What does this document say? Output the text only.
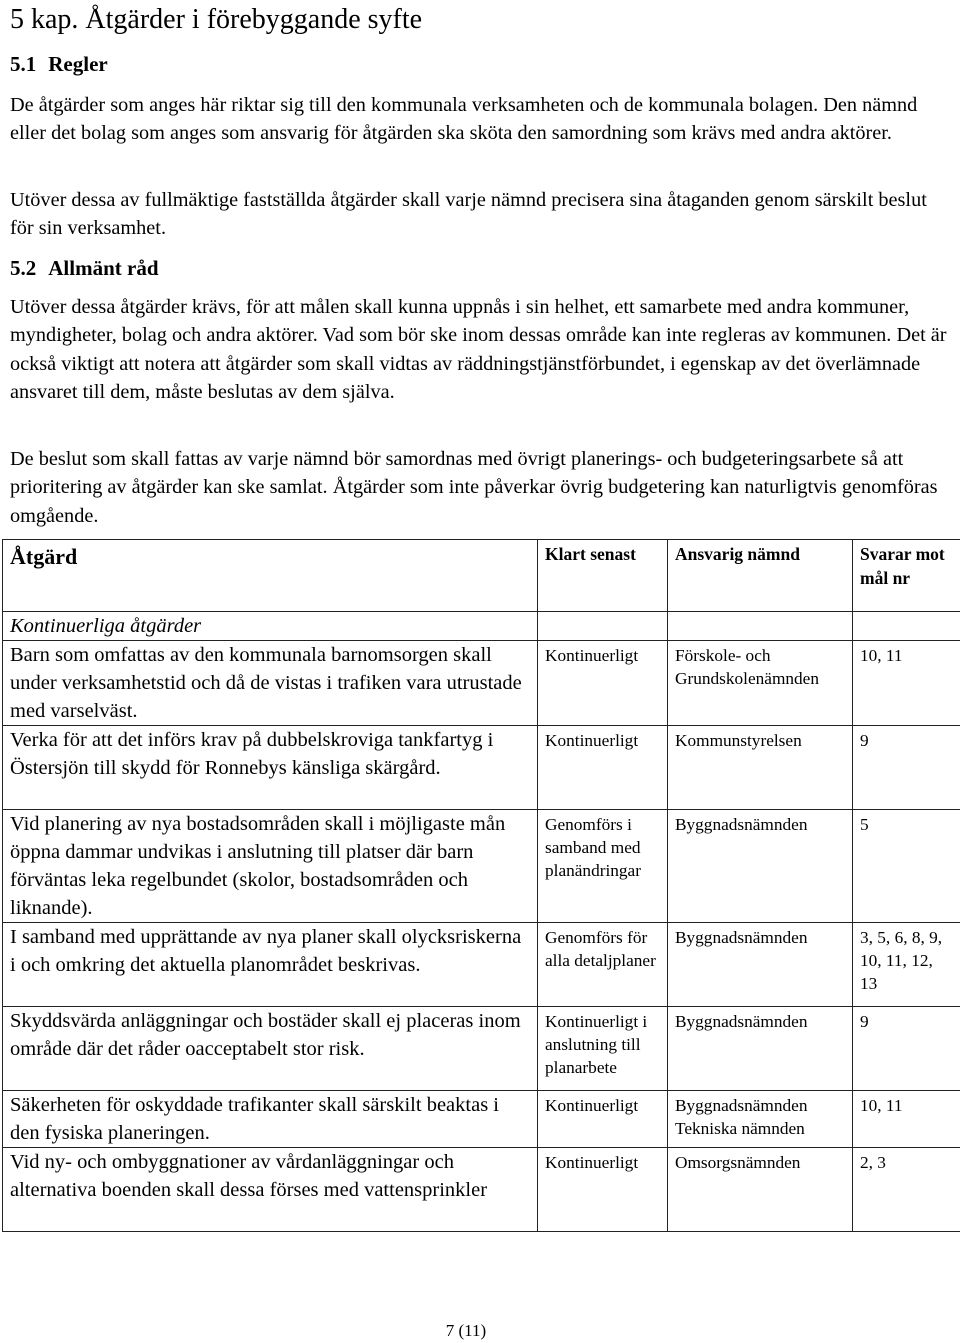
5 kap. Åtgärder i förebyggande syfte
5.1 Regler

De åtgärder som anges här riktar sig till den kommunala verksamheten och de kommunala bolagen. Den nämnd eller det bolag som anges som ansvarig för åtgärden ska sköta den samordning som krävs med andra aktörer.

Utöver dessa av fullmäktige fastställda åtgärder skall varje nämnd precisera sina åtaganden genom särskilt beslut för sin verksamhet.

5.2 Allmänt råd

Utöver dessa åtgärder krävs, för att målen skall kunna uppnås i sin helhet, ett samarbete med andra kommuner, myndigheter, bolag och andra aktörer. Vad som bör ske inom dessas område kan inte regleras av kommunen. Det är också viktigt att notera att åtgärder som skall vidtas av räddningstjänstförbundet, i egenskap av det överlämnade ansvaret till dem, måste beslutas av dem själva.

De beslut som skall fattas av varje nämnd bör samordnas med övrigt planerings- och budgeteringsarbete så att prioritering av åtgärder kan ske samlat. Åtgärder som inte påverkar övrig budgetering kan naturligtvis genomföras omgående.

Åtgärd	Klart senast	Ansvarig nämnd	Svarar mot mål nr
Kontinuerliga åtgärder			
Barn som omfattas av den kommunala barnomsorgen skall under verksamhetstid och då de vistas i trafiken vara utrustade med varselväst.	Kontinuerligt	Förskole- och Grundskolenämnden	10, 11
Verka för att det införs krav på dubbelskroviga tankfartyg i Östersjön till skydd för Ronnebys känsliga skärgård.	Kontinuerligt	Kommunstyrelsen	9
Vid planering av nya bostadsområden skall i möjligaste mån öppna dammar undvikas i anslutning till platser där barn förväntas leka regelbundet (skolor, bostadsområden och liknande).	Genomförs i samband med planändringar	Byggnadsnämnden	5
I samband med upprättande av nya planer skall olycksriskerna i och omkring det aktuella planområdet beskrivas.	Genomförs för alla detaljplaner	Byggnadsnämnden	3, 5, 6, 8, 9, 10, 11, 12, 13
Skyddsvärda anläggningar och bostäder skall ej placeras inom område där det råder oacceptabelt stor risk.	Kontinuerligt i anslutning till planarbete	Byggnadsnämnden	9
Säkerheten för oskyddade trafikanter skall särskilt beaktas i den fysiska planeringen.	Kontinuerligt	Byggnadsnämnden Tekniska nämnden	10, 11
Vid ny- och ombyggnationer av vårdanläggningar och alternativa boenden skall dessa förses med vattensprinkler	Kontinuerligt	Omsorgsnämnden	2, 3
7 (11)
